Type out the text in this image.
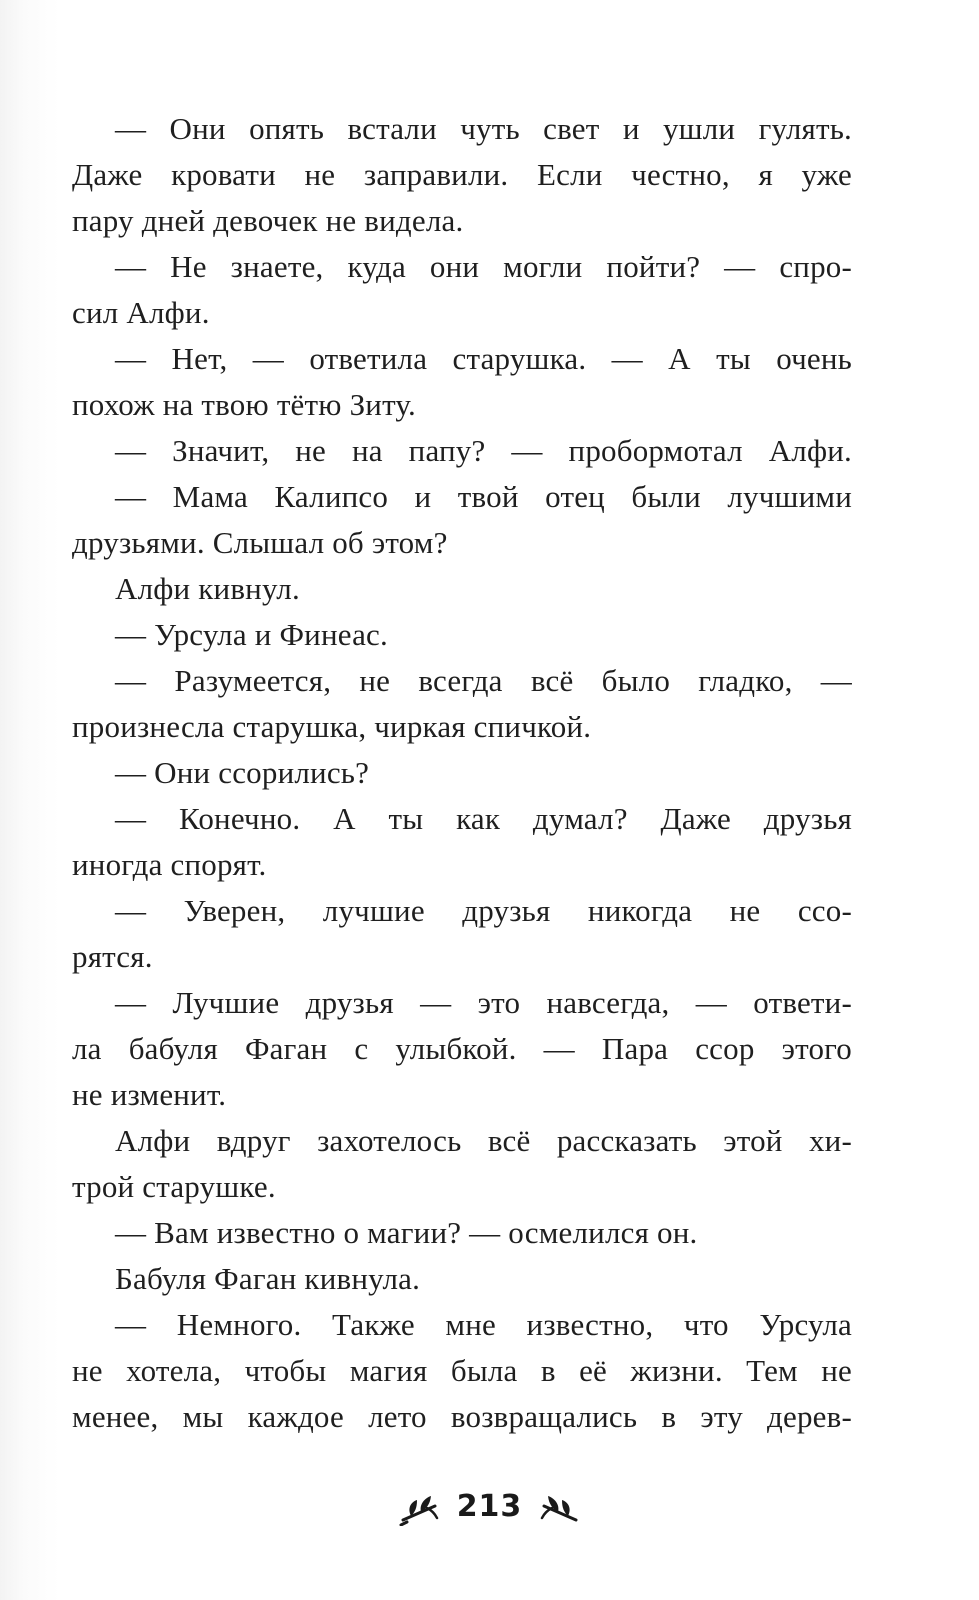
— Они опять встали чуть свет и ушли гулять.
Даже кровати не заправили. Если честно, я уже
пару дней девочек не видела.
— Не знаете, куда они могли пойти? — спро-
сил Алфи.
— Нет, — ответила старушка. — А ты очень
похож на твою тётю Зиту.
— Значит, не на папу? — пробормотал Алфи.
— Мама Калипсо и твой отец были лучшими
друзьями. Слышал об этом?
Алфи кивнул.
— Урсула и Финеас.
— Разумеется, не всегда всё было гладко, —
произнесла старушка, чиркая спичкой.
— Они ссорились?
— Конечно. А ты как думал? Даже друзья
иногда спорят.
— Уверен, лучшие друзья никогда не ссо-
рятся.
— Лучшие друзья — это навсегда, — ответи-
ла бабуля Фаган с улыбкой. — Пара ссор этого
не изменит.
Алфи вдруг захотелось всё рассказать этой хи-
трой старушке.
— Вам известно о магии? — осмелился он.
Бабуля Фаган кивнула.
— Немного. Также мне известно, что Урсула
не хотела, чтобы магия была в её жизни. Тем не
менее, мы каждое лето возвращались в эту дерев-
213
